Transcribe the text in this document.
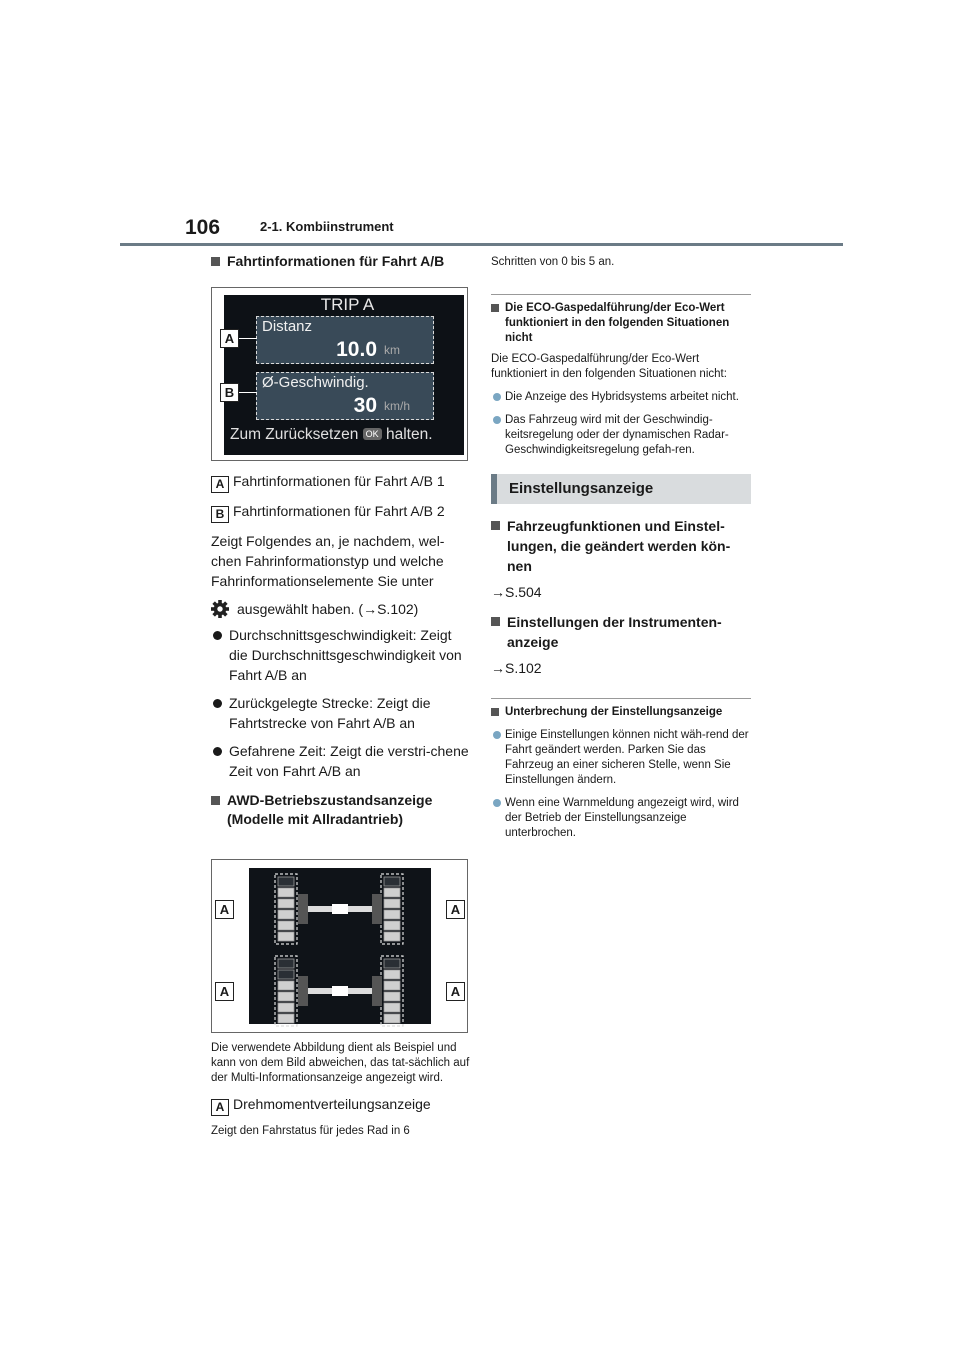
106	2-1. Kombiinstrument
Fahrtinformationen für Fahrt A/B
TRIP A
Distanz
10.0 km
Ø-Geschwindig.
30 km/h
Zum Zurücksetzen OK halten.
A
B
A Fahrtinformationen für Fahrt A/B 1
B Fahrtinformationen für Fahrt A/B 2
Zeigt Folgendes an, je nachdem, wel-chen Fahrinformationstyp und welche Fahrinformationselemente Sie unter
ausgewählt haben. (→S.102)
Durchschnittsgeschwindigkeit: Zeigt die Durchschnittsgeschwindigkeit von Fahrt A/B an
Zurückgelegte Strecke: Zeigt die Fahrtstrecke von Fahrt A/B an
Gefahrene Zeit: Zeigt die verstri-chene Zeit von Fahrt A/B an
AWD-Betriebszustandsanzeige (Modelle mit Allradantrieb)
A	A
A	A
Die verwendete Abbildung dient als Beispiel und kann von dem Bild abweichen, das tat-sächlich auf der Multi-Informationsanzeige angezeigt wird.
A Drehmomentverteilungsanzeige
Zeigt den Fahrstatus für jedes Rad in 6
Schritten von 0 bis 5 an.
Die ECO-Gaspedalführung/der Eco-Wert funktioniert in den folgenden Situationen nicht
Die ECO-Gaspedalführung/der Eco-Wert funktioniert in den folgenden Situationen nicht:
Die Anzeige des Hybridsystems arbeitet nicht.
Das Fahrzeug wird mit der Geschwindig-keitsregelung oder der dynamischen Radar-Geschwindigkeitsregelung gefah-ren.
Einstellungsanzeige
Fahrzeugfunktionen und Einstel-lungen, die geändert werden kön-nen
→S.504
Einstellungen der Instrumenten-anzeige
→S.102
Unterbrechung der Einstellungsanzeige
Einige Einstellungen können nicht wäh-rend der Fahrt geändert werden. Parken Sie das Fahrzeug an einer sicheren Stelle, wenn Sie Einstellungen ändern.
Wenn eine Warnmeldung angezeigt wird, wird der Betrieb der Einstellungsanzeige unterbrochen.
